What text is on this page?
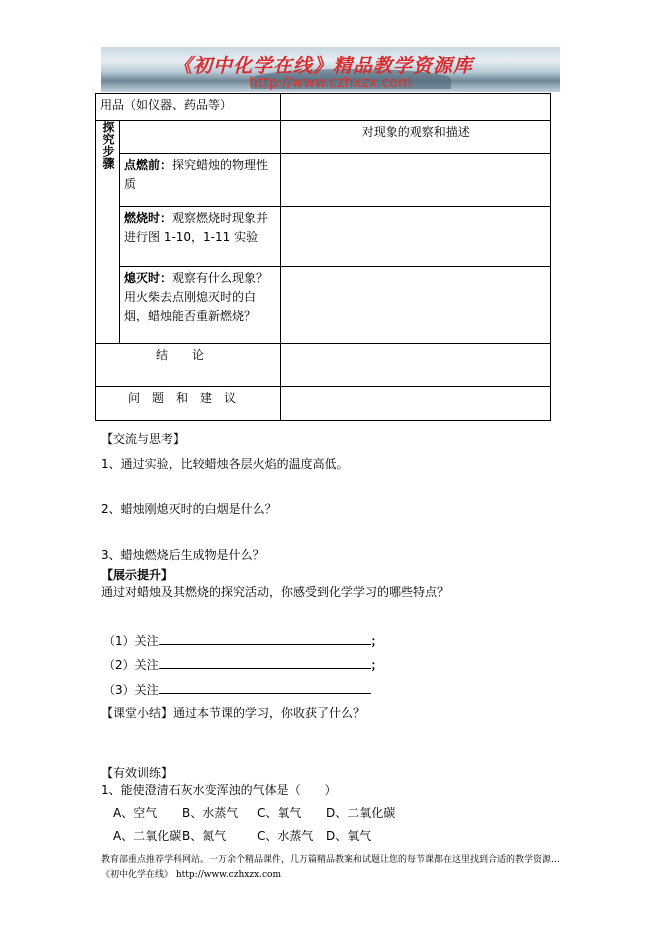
《初中化学在线》精品教学资源库
http://www.czhxzx.com
用品（如仪器、药品等）		
探究步骤		对现象的观察和描述
	点燃前：探究蜡烛的物理性质	
	燃烧时：观察燃烧时现象并进行图 1-10，1-11 实验	
	熄灭时：观察有什么现象？用火柴去点刚熄灭时的白烟，蜡烛能否重新燃烧？	
结　　论		
问　题　和　建　议		
【交流与思考】
1、通过实验，比较蜡烛各层火焰的温度高低。
2、蜡烛刚熄灭时的白烟是什么？
3、蜡烛燃烧后生成物是什么？
【展示提升】
通过对蜡烛及其燃烧的探究活动，你感受到化学学习的哪些特点？
（1）关注	；
（2）关注	；
（3）关注
【课堂小结】通过本节课的学习，你收获了什么？
【有效训练】
1、能使澄清石灰水变浑浊的气体是（　　）
A、空气 B、水蒸气 C、氧气 D、二氧化碳
A、二氧化碳 B、氮气	C、水蒸气 D、氧气
教育部重点推荐学科网站。一万余个精品课件，几万篇精品教案和试题让您的每节课都在这里找到合适的教学资源…《初中化学在线》 http://www.czhxzx.com
